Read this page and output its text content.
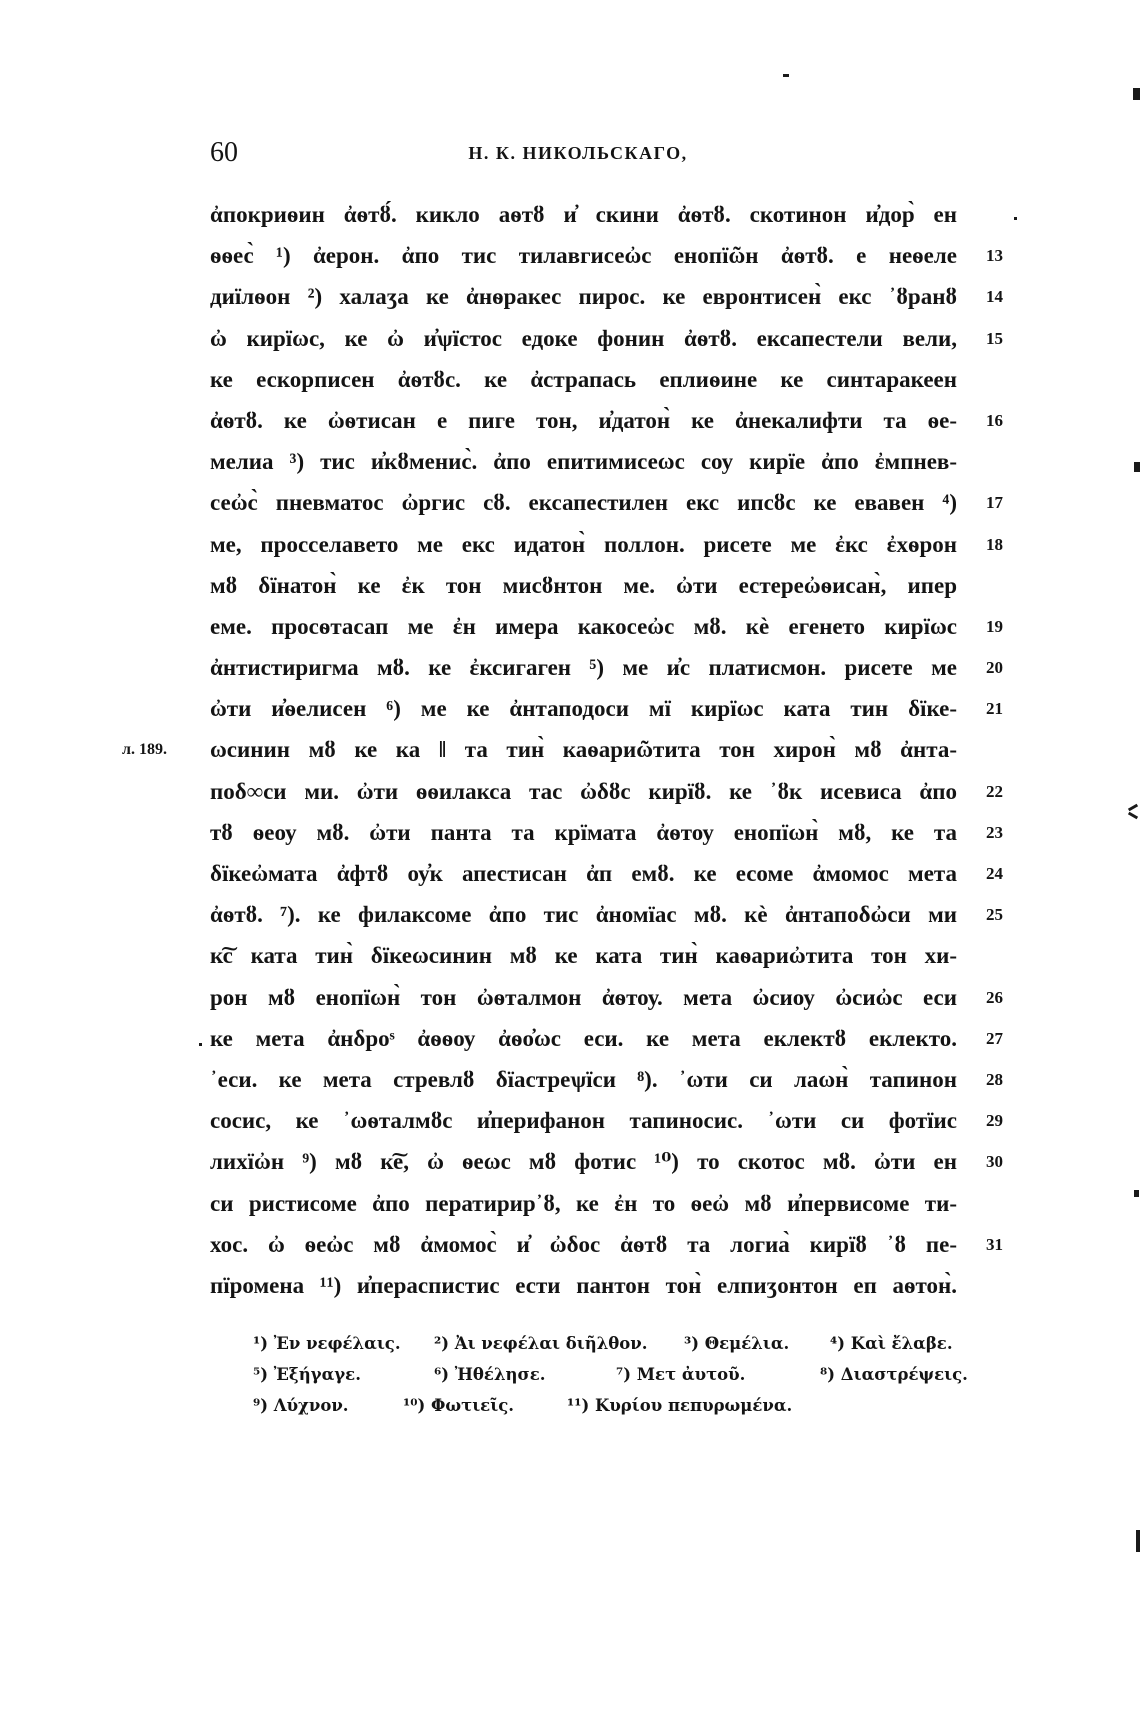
60	Н. К. НИКОЛЬСКАГО,
ἀпокриѳин ἀѳтȣ́. кикло аѳтȣ и̓ скини ἀѳтȣ. скотинон и̓дор̀ ен
ѳѳес̀ ¹) ἀерон. ἀпо тис тилавгисеὠс енопїῶн ἀѳтȣ. е неѳеле 13
диїлѳон ²) халаӡа ке ἀнѳракес пирос. ке евронтисен̀ екс ᾿ȣранȣ 14
ὠ кирїωс, ке ὠ и̓ѱїстос едоке фонин ἀѳтȣ. ексапестели вели, 15
ке ескорписен ἀѳтȣс. ке ἀстрапась еплиѳине ке синтаракеен
ἀѳтȣ. ке ὠѳтисан е пиге тон, и̓датон̀ ке ἀнекалифти та ѳе- 16
мелиа ³) тис и̓кȣменис̀. ἀпо епитимисеωс соу кирїе ἀпо ἐмпнев-
сеὠс̀ пневматос ὠргис сȣ. ексапестилен екс ипсȣс ке евавен ⁴) 17
ме, просселавето ме екс идатон̀ поллон. рисете ме ἐкс ἐхѳрон 18
мȣ δїнатон̀ ке ἐк тон мисȣнтон ме. ὠти естереὠѳисан̀, ипер
еме. просѳтасап ме ἐн имера какосеὠс мȣ. кѐ егенето кирїωс 19
ἀнтистиригма мȣ. ке ἐксигаген ⁵) ме и̓с платисмон. рисете ме 20
ὠти и̓ѳелисен ⁶) ме ке ἀнтаподоси мї кирїωс ката тин δїке- 21
л. 189. ωсинин мȣ ке ка ‖ та тин̀ каѳариῶтита тон хирон̀ мȣ ἀнта-
поδ∞си ми. ὠти ѳѳилакса тас ὠδȣс кирїȣ. ке ᾿ȣк исевиса ἀпо 22
тȣ ѳеоу мȣ. ὠти панта та крїмата ἀѳтоу енопїωн̀ мȣ, ке та 23
δїкеὠмата ἀфтȣ оу̓к апестисан ἀп емȣ. ке есоме ἀмомос мета 24
ἀѳтȣ. ⁷). ке филаксоме ἀпо тис ἀномїас мȣ. кѐ ἀнтапоδὠси ми 25
к͠с ката тин̀ δїкеωсинин мȣ ке ката тин̀ каѳариὠтита тон хи-
рон мȣ енопїωн̀ тон ὠѳталмон ἀѳтоу. мета ὠсиоу ὠсиὠс еси 26
ке мета ἀнδроˢ ἀѳѳоу ἀѳо̓ωс еси. ке мета еклектȣ еклекто. 27
᾿еси. ке мета стревлȣ δїастреѱїси ⁸). ᾿ωти си лаωн̀ тапинон 28
сосис, ке ᾿ωѳталмȣс и̓перифанон тапиносис. ᾿ωти си фотїис 29
лихїὠн ⁹) мȣ к͠е, ὠ ѳеωс мȣ фотис ¹⁰) то скотос мȣ. ὠти ен 30
си ристисоме ἀпо ператирир᾿ȣ, ке ἐн то ѳеὠ мȣ и̓первисоме ти-
хос. ὠ ѳеὠс мȣ ἀмомос̀ и̓ ὠδос ἀѳтȣ та логиа̀ кирїȣ ᾿ȣ пе- 31
пїромена ¹¹) и̓пераспистис ести пантон тон̀ елпиӡонтон еп аѳтон̀.
¹) Ἐν νεφέλαις. ²) Ἀι νεφέλαι διῆλθον. ³) Θεμέλια. ⁴) Καὶ ἔλαβε.
⁵) Ἐξήγαγε.	⁶) Ἠθέλησε.	⁷) Μετ ἀυτοῦ.	⁸) Διαστρέψεις.
⁹) Λύχνον.	¹⁰) Φωτιεῖς.	¹¹) Κυρίου πεπυρωμένα.
